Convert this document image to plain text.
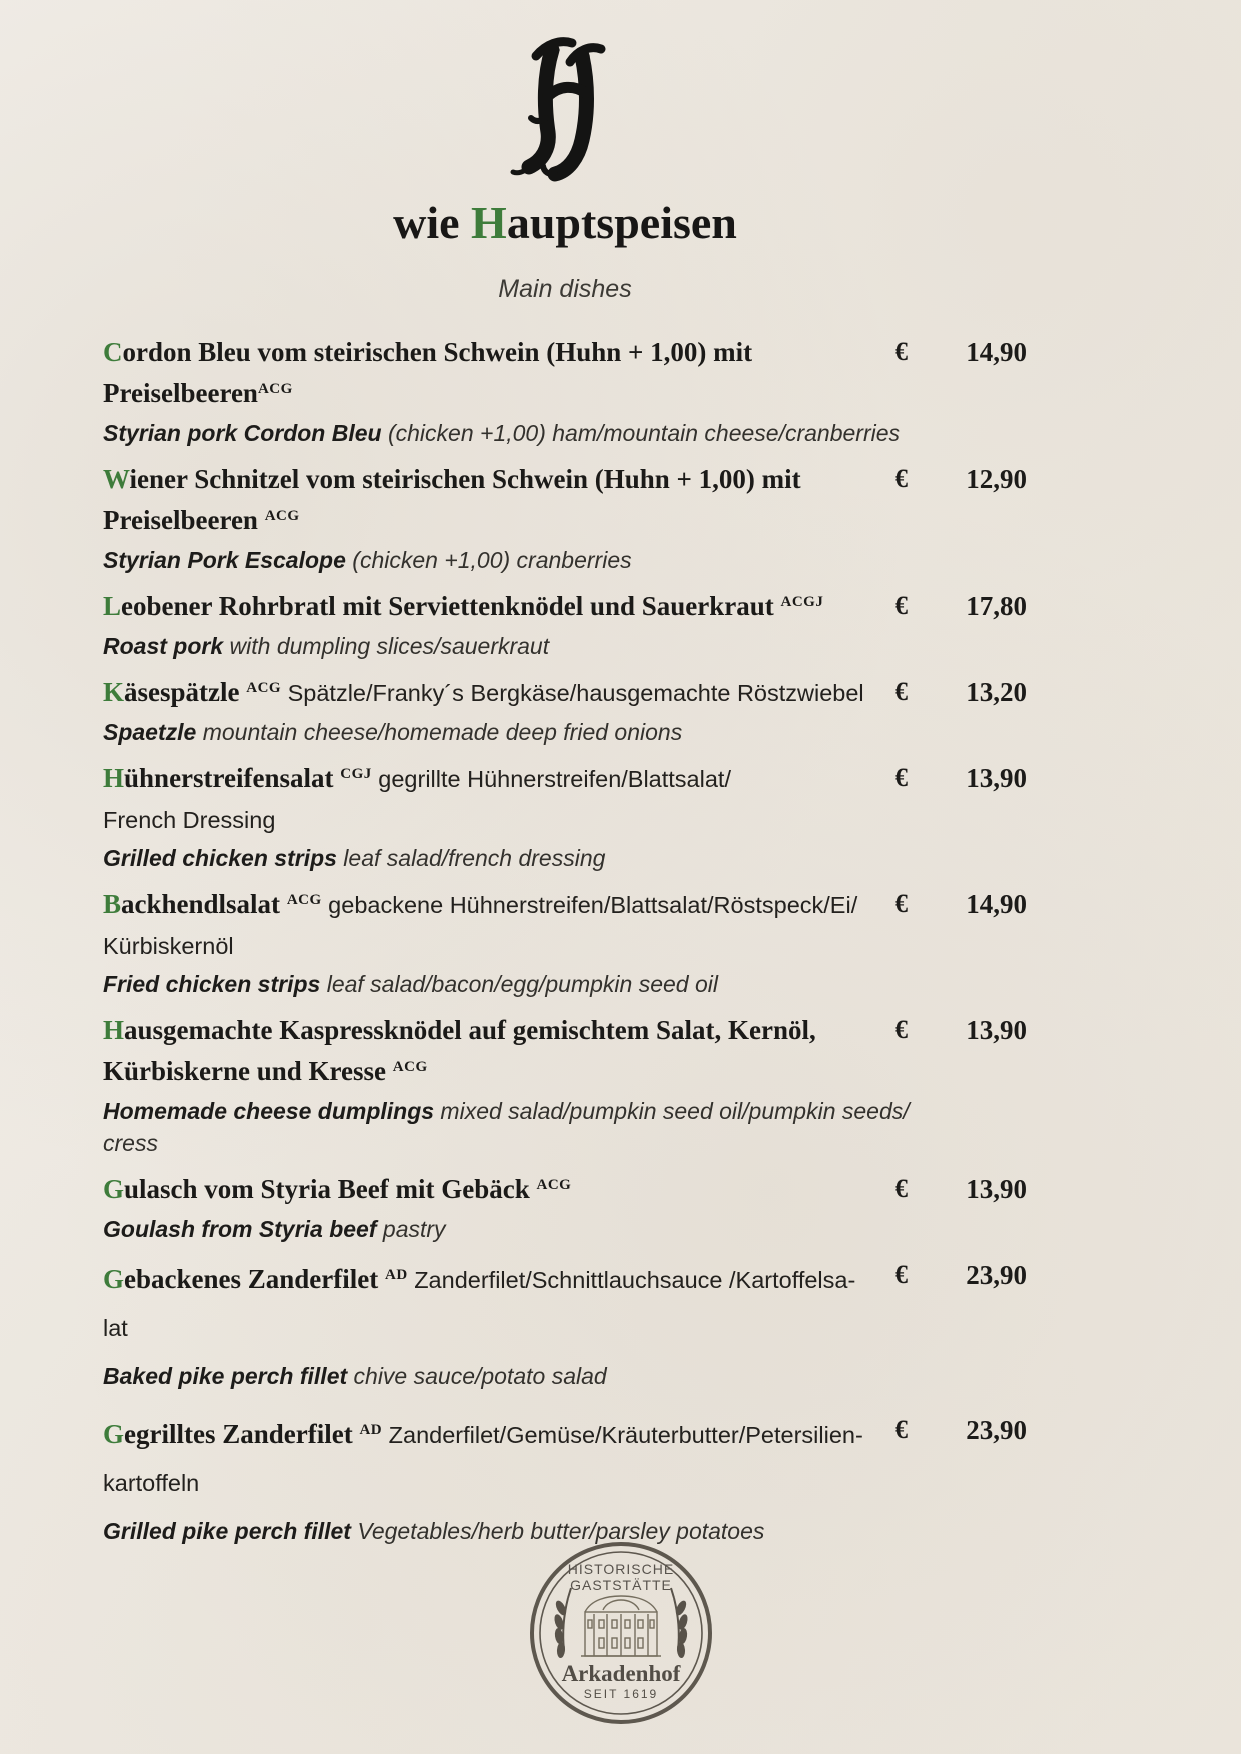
wie Hauptspeisen
Main dishes
Cordon Bleu vom steirischen Schwein (Huhn + 1,00) mit
PreiselbeerenACG
Styrian pork Cordon Bleu (chicken +1,00) ham/mountain cheese/cranberries
€ 14,90
Wiener Schnitzel vom steirischen Schwein (Huhn + 1,00) mit
Preiselbeeren ACG
Styrian Pork Escalope (chicken +1,00) cranberries
€ 12,90
Leobener Rohrbratl mit Serviettenknödel und Sauerkraut ACGJ
Roast pork with dumpling slices/sauerkraut
€ 17,80
Käsespätzle ACG Spätzle/Franky´s Bergkäse/hausgemachte Röstzwiebel
Spaetzle mountain cheese/homemade deep fried onions
€ 13,20
Hühnerstreifensalat CGJ gegrillte Hühnerstreifen/Blattsalat/
French Dressing
Grilled chicken strips leaf salad/french dressing
€ 13,90
Backhendlsalat ACG gebackene Hühnerstreifen/Blattsalat/Röstspeck/Ei/
Kürbiskernöl
Fried chicken strips leaf salad/bacon/egg/pumpkin seed oil
€ 14,90
Hausgemachte Kaspressknödel auf gemischtem Salat, Kernöl,
Kürbiskerne und Kresse ACG
Homemade cheese dumplings mixed salad/pumpkin seed oil/pumpkin seeds/
cress
€ 13,90
Gulasch vom Styria Beef mit Gebäck ACG
Goulash from Styria beef pastry
€ 13,90
Gebackenes Zanderfilet AD Zanderfilet/Schnittlauchsauce /Kartoffelsa-
lat
Baked pike perch fillet chive sauce/potato salad
€ 23,90
Gegrilltes Zanderfilet AD Zanderfilet/Gemüse/Kräuterbutter/Petersilien-
kartoffeln
Grilled pike perch fillet Vegetables/herb butter/parsley potatoes
€ 23,90
HISTORISCHE
GASTSTÄTTE
Arkadenhof
SEIT 1619
